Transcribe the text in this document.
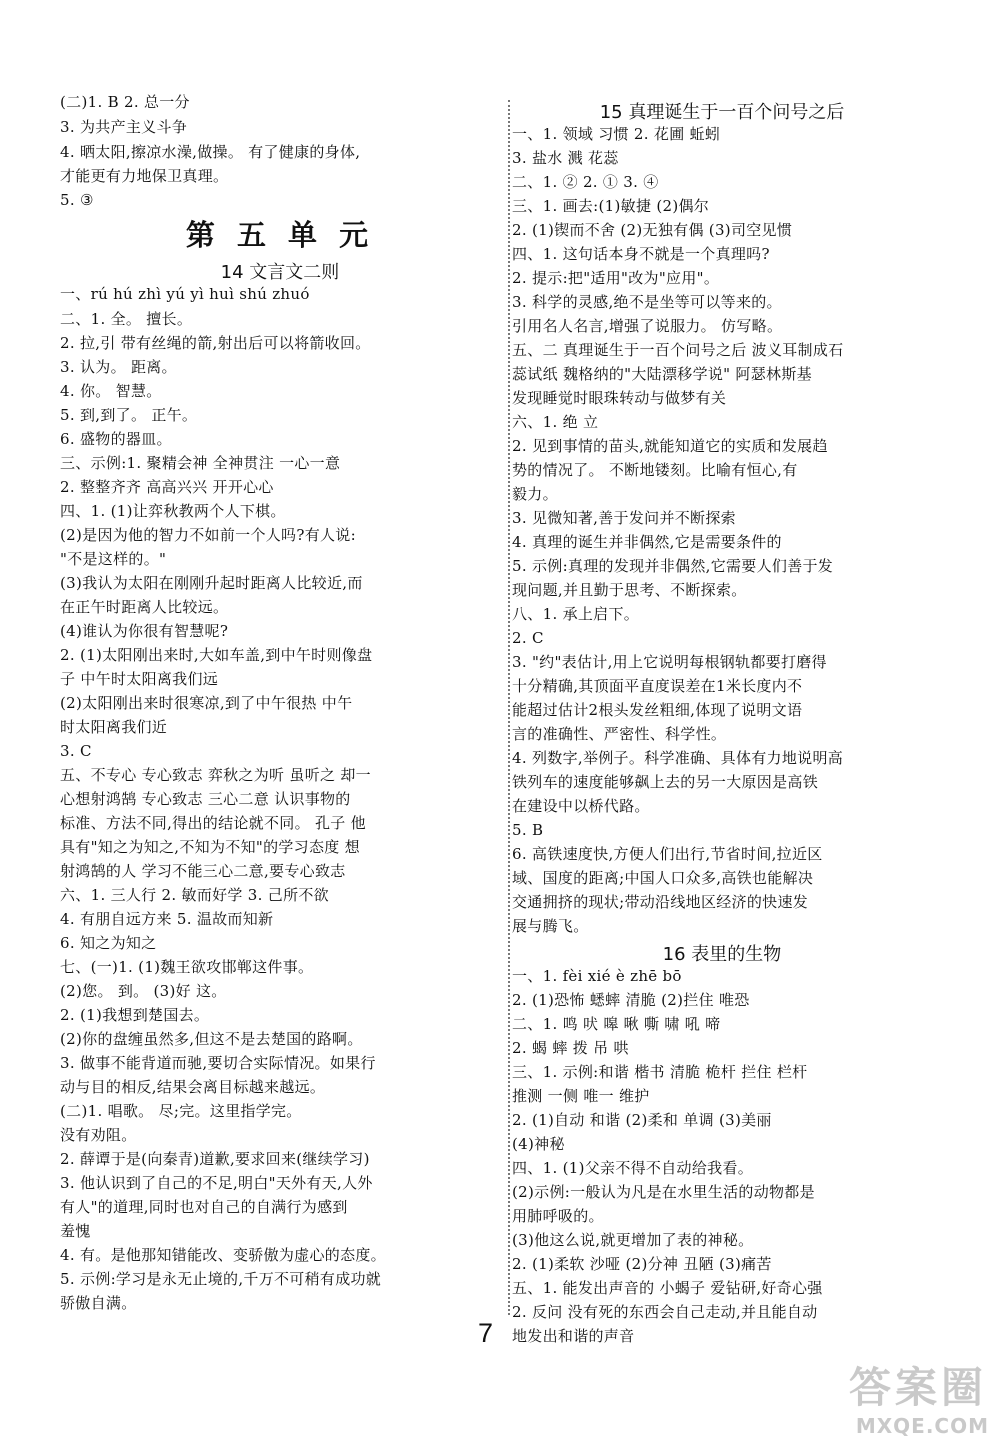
(二)1. B 2. 总一分
3. 为共产主义斗争
4. 晒太阳,擦凉水澡,做操。 有了健康的身体,
才能更有力地保卫真理。
5. ③
第 五 单 元
14 文言文二则
一、rú hú zhì yú yì huì shú zhuó
二、1. 全。 擅长。
2. 拉,引 带有丝绳的箭,射出后可以将箭收回。
3. 认为。 距离。
4. 你。 智慧。
5. 到,到了。 正午。
6. 盛物的器皿。
三、示例:1. 聚精会神 全神贯注 一心一意
2. 整整齐齐 高高兴兴 开开心心
四、1. (1)让弈秋教两个人下棋。
(2)是因为他的智力不如前一个人吗?有人说:
"不是这样的。"
(3)我认为太阳在刚刚升起时距离人比较近,而
在正午时距离人比较远。
(4)谁认为你很有智慧呢?
2. (1)太阳刚出来时,大如车盖,到中午时则像盘
子 中午时太阳离我们远
(2)太阳刚出来时很寒凉,到了中午很热 中午
时太阳离我们近
3. C
五、不专心 专心致志 弈秋之为听 虽听之 却一
心想射鸿鹄 专心致志 三心二意 认识事物的
标准、方法不同,得出的结论就不同。 孔子 他
具有"知之为知之,不知为不知"的学习态度 想
射鸿鹄的人 学习不能三心二意,要专心致志
六、1. 三人行 2. 敏而好学 3. 己所不欲
4. 有朋自远方来 5. 温故而知新
6. 知之为知之
七、(一)1. (1)魏王欲攻邯郸这件事。
(2)您。 到。 (3)好 这。
2. (1)我想到楚国去。
(2)你的盘缠虽然多,但这不是去楚国的路啊。
3. 做事不能背道而驰,要切合实际情况。如果行
动与目的相反,结果会离目标越来越远。
(二)1. 唱歌。 尽;完。这里指学完。
没有劝阻。
2. 薛谭于是(向秦青)道歉,要求回来(继续学习)
3. 他认识到了自己的不足,明白"天外有天,人外
有人"的道理,同时也对自己的自满行为感到
羞愧
4. 有。是他那知错能改、变骄傲为虚心的态度。
5. 示例:学习是永无止境的,千万不可稍有成功就
骄傲自满。
15 真理诞生于一百个问号之后
一、1. 领域 习惯 2. 花圃 蚯蚓
3. 盐水 溅 花蕊
二、1. ② 2. ① 3. ④
三、1. 画去:(1)敏捷 (2)偶尔
2. (1)锲而不舍 (2)无独有偶 (3)司空见惯
四、1. 这句话本身不就是一个真理吗?
2. 提示:把"适用"改为"应用"。
3. 科学的灵感,绝不是坐等可以等来的。
引用名人名言,增强了说服力。 仿写略。
五、二 真理诞生于一百个问号之后 波义耳制成石
蕊试纸 魏格纳的"大陆漂移学说" 阿瑟林斯基
发现睡觉时眼珠转动与做梦有关
六、1. 绝 立
2. 见到事情的苗头,就能知道它的实质和发展趋
势的情况了。 不断地镂刻。比喻有恒心,有
毅力。
3. 见微知著,善于发问并不断探索
4. 真理的诞生并非偶然,它是需要条件的
5. 示例:真理的发现并非偶然,它需要人们善于发
现问题,并且勤于思考、不断探索。
八、1. 承上启下。
2. C
3. "约"表估计,用上它说明每根钢轨都要打磨得
十分精确,其顶面平直度误差在1米长度内不
能超过估计2根头发丝粗细,体现了说明文语
言的准确性、严密性、科学性。
4. 列数字,举例子。科学准确、具体有力地说明高
铁列车的速度能够飙上去的另一大原因是高铁
在建设中以桥代路。
5. B
6. 高铁速度快,方便人们出行,节省时间,拉近区
域、国度的距离;中国人口众多,高铁也能解决
交通拥挤的现状;带动沿线地区经济的快速发
展与腾飞。
16 表里的生物
一、1. fèi xié è zhē bō
2. (1)恐怖 蟋蟀 清脆 (2)拦住 唯恐
二、1. 鸣 吠 嗥 啾 嘶 啸 吼 啼
2. 蝎 蟀 拨 吊 哄
三、1. 示例:和谐 楷书 清脆 桅杆 拦住 栏杆
推测 一侧 唯一 维护
2. (1)自动 和谐 (2)柔和 单调 (3)美丽
(4)神秘
四、1. (1)父亲不得不自动给我看。
(2)示例:一般认为凡是在水里生活的动物都是
用肺呼吸的。
(3)他这么说,就更增加了表的神秘。
2. (1)柔软 沙哑 (2)分神 丑陋 (3)痛苦
五、1. 能发出声音的 小蝎子 爱钻研,好奇心强
2. 反问 没有死的东西会自己走动,并且能自动
地发出和谐的声音
7
答案圈
MXQE.COM
